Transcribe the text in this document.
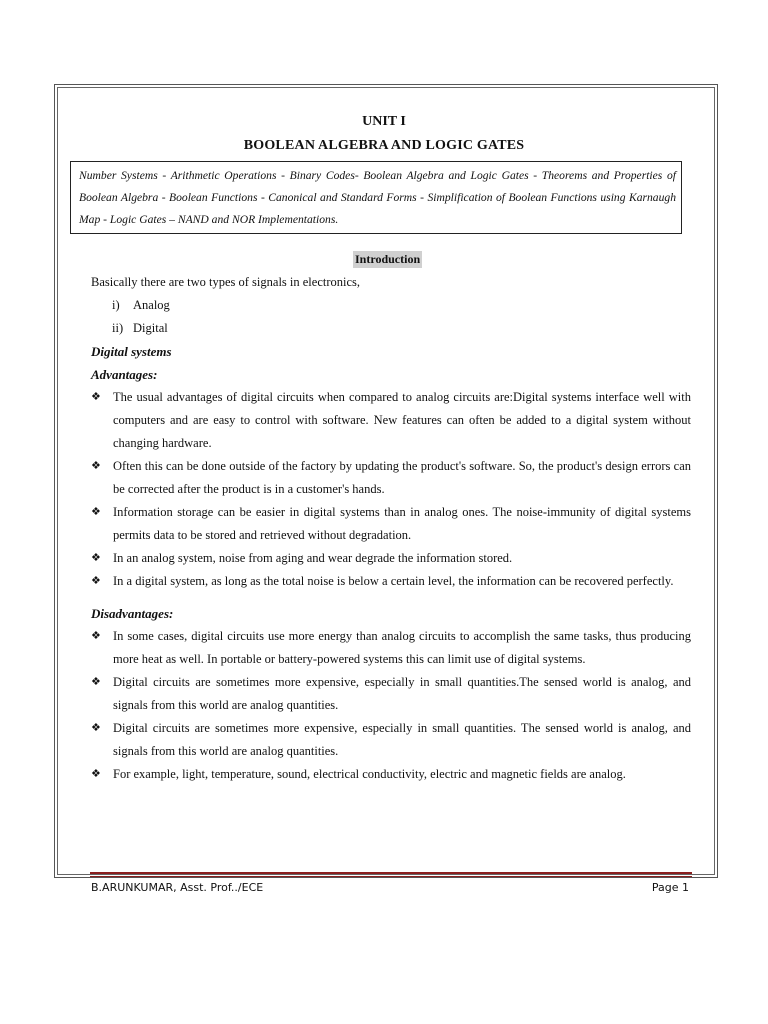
UNIT I
BOOLEAN ALGEBRA AND LOGIC GATES
Number Systems - Arithmetic Operations - Binary Codes- Boolean Algebra and Logic Gates - Theorems and Properties of Boolean Algebra - Boolean Functions - Canonical and Standard Forms - Simplification of Boolean Functions using Karnaugh Map - Logic Gates – NAND and NOR Implementations.
Introduction

Basically there are two types of signals in electronics,

i)	Analog
ii) Digital

Digital systems

Advantages:

❖ The usual advantages of digital circuits when compared to analog circuits are:Digital systems interface well with computers and are easy to control with software. New features can often be added to a digital system without changing hardware.
❖ Often this can be done outside of the factory by updating the product's software. So, the product's design errors can be corrected after the product is in a customer's hands.
❖ Information storage can be easier in digital systems than in analog ones. The noise-immunity of digital systems permits data to be stored and retrieved without degradation.
❖ In an analog system, noise from aging and wear degrade the information stored.
❖ In a digital system, as long as the total noise is below a certain level, the information can be recovered perfectly.

Disadvantages:

❖ In some cases, digital circuits use more energy than analog circuits to accomplish the same tasks, thus producing more heat as well. In portable or battery-powered systems this can limit use of digital systems.
❖ Digital circuits are sometimes more expensive, especially in small quantities.The sensed world is analog, and signals from this world are analog quantities.
❖ Digital circuits are sometimes more expensive, especially in small quantities. The sensed world is analog, and signals from this world are analog quantities.
❖ For example, light, temperature, sound, electrical conductivity, electric and magnetic fields are analog.
B.ARUNKUMAR, Asst. Prof../ECE	Page 1
